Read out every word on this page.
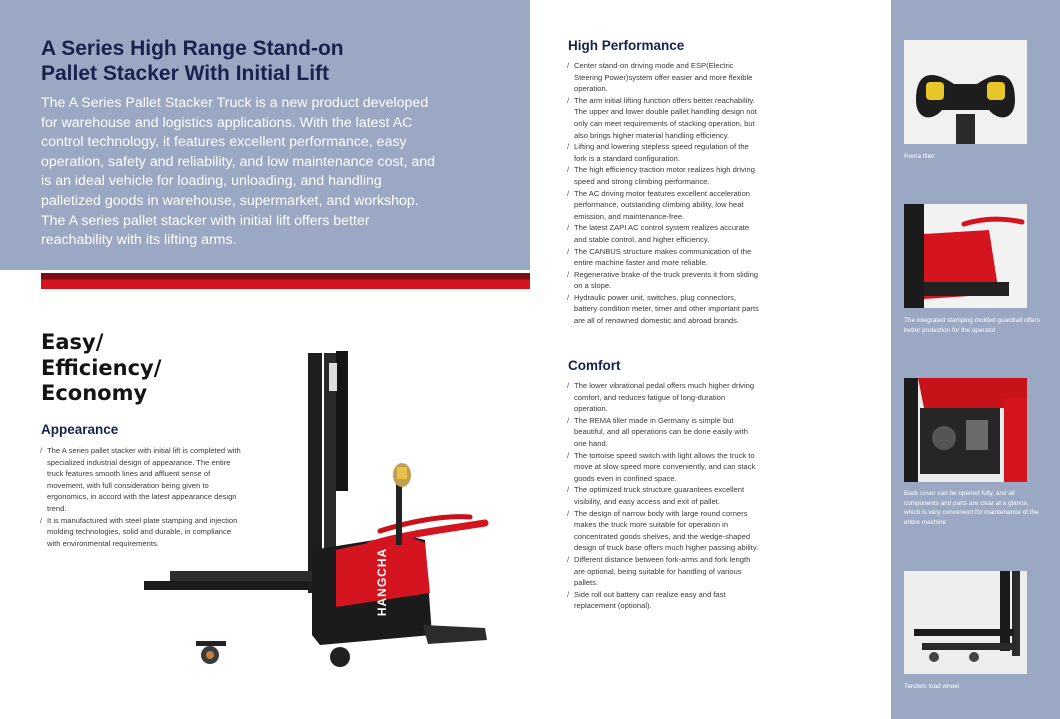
A Series High Range Stand-on
Pallet Stacker With Initial Lift

The A Series Pallet Stacker Truck is a new product developed for warehouse and logistics applications. With the latest AC control technology, it features excellent performance, easy operation, safety and reliability, and low maintenance cost, and is an ideal vehicle for loading, unloading, and handling palletized goods in warehouse, supermarket, and workshop. The A series pallet stacker with initial lift offers better reachability with its lifting arms.

Easy/
Efficiency/
Economy
Appearance
/ The A series pallet stacker with initial lift is completed with specialized industrial design of appearance. The entire truck features smooth lines and affluent sense of movement, with full consideration being given to ergonomics, in accord with the latest appearance design trend.
/ It is manufactured with steel plate stamping and injection molding technologies, solid and durable, in compliance with environmental requirements.
High Performance
/ Center stand-on driving mode and ESP(Electric Steering Power)system offer easier and more flexible operation.
/ The arm initial lifting function offers better reachability. The upper and lower double pallet handling design not only can meet requirements of stacking operation, but also brings higher material handling efficiency.
/ Lifting and lowering stepless speed regulation of the fork is a standard configuration.
/ The high efficiency traction motor realizes high driving speed and strong climbing performance.
/ The AC driving motor features excellent acceleration performance, outstanding climbing ability, low heat emission, and maintenance-free.
/ The latest ZAPI AC control system realizes accurate and stable control, and higher efficiency.
/ The CANBUS structure makes communication of the entire machine faster and more reliable.
/ Regenerative brake of the truck prevents it from sliding on a slope.
/ Hydraulic power unit, switches, plug connectors, battery condition meter, timer and other important parts are all of renowned domestic and abroad brands.
Comfort
/ The lower vibrational pedal offers much higher driving comfort, and reduces fatigue of long-duration operation.
/ The REMA tiller made in Germany is simple but beautiful, and all operations can be done easily with one hand.
/ The tortoise speed switch with light allows the truck to move at slow speed more conveniently, and can stack goods even in confined space.
/ The optimized truck structure guarantees excellent visibility, and easy access and exit of pallet.
/ The design of narrow body with large round corners makes the truck more suitable for operation in concentrated goods shelves, and the wedge-shaped design of truck base offers much higher passing ability.
/ Different distance between fork-arms and fork length are optional, being suitable for handling of various pallets.
/ Side roll out battery can realize easy and fast replacement (optional).
HANGCHA

Rema tiller

The integrated stamping molded guardrail offers better protection for the operator

Back cover can be opened fully, and all components and parts are clear at a glance, which is very convenient for maintenance of the entire machine

Tandem load wheel
